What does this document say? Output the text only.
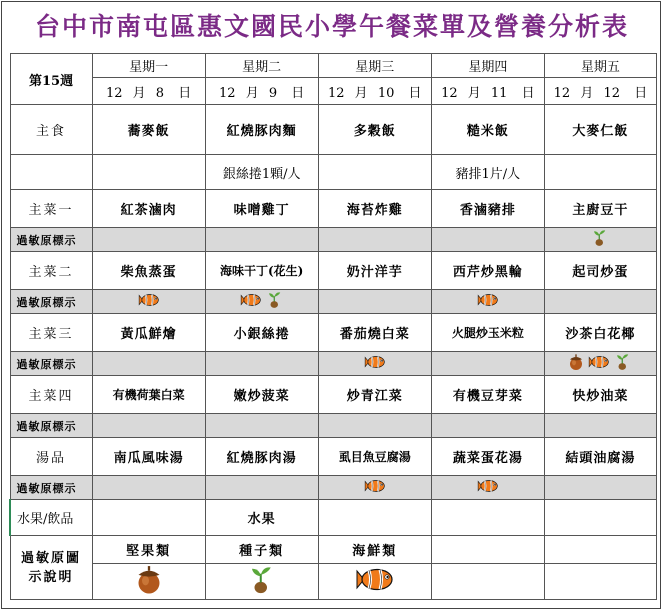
台中市南屯區惠文國民小學午餐菜單及營養分析表
第15週	星期一	星期二	星期三	星期四	星期五
	12 月 8 日	12 月 9 日	12 月 10 日	12 月 11 日	12 月 12 日
主食	蕎麥飯	紅燒豚肉麵	多穀飯	糙米飯	大麥仁飯
		銀絲捲1顆/人		豬排1片/人	
主菜一	紅茶滷肉	味噌雞丁	海苔炸雞	香滷豬排	主廚豆干
過敏原標示					
主菜二	柴魚蒸蛋	海味干丁(花生)	奶汁洋芋	西芹炒黑輪	起司炒蛋
過敏原標示					
主菜三	黃瓜鮮燴	小銀絲捲	番茄燒白菜	火腿炒玉米粒	沙茶白花椰
過敏原標示					
主菜四	有機荷葉白菜	嫩炒菠菜	炒青江菜	有機豆芽菜	快炒油菜
過敏原標示					
湯品	南瓜風味湯	紅燒豚肉湯	虱目魚豆腐湯	蔬菜蛋花湯	結頭油腐湯
過敏原標示					
水果/飲品		水果			
過敏原圖示說明	堅果類	種子類	海鮮類		
